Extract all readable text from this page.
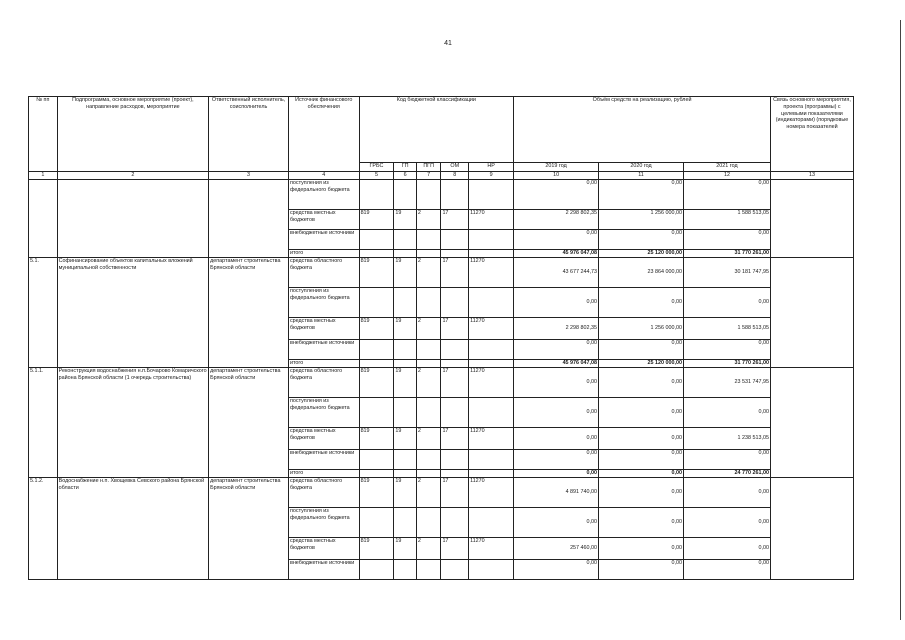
41
№ пп	Подпрограмма, основное мероприятие (проект), направление расходов, мероприятие	Ответственный исполнитель, соисполнитель	Источник финансового обеспечения	Код бюджетной классификации					Объём средств на реализацию, рублей			Связь основного мероприятия, проекта (программы) с целевыми показателями (индикаторами) (порядковые номера показателей
				ГРБС	ГП	ПГП	ОМ	НР	2019 год	2020 год	2021 год	
1	2	3	4	5	6	7	8	9	10	11	12	13
			поступления из федерального бюджета						0,00	0,00	0,00	
			средства местных бюджетов	819	19	2	17	11270	2 298 802,35	1 256 000,00	1 588 513,05	
			внебюджетные источники						0,00	0,00	0,00	
			итого						45 976 047,08	25 120 000,00	31 770 261,00	
5.1.	Софинансирование объектов капитальных вложений муниципальной собственности	департамент строительства Брянской области	средства областного бюджета	819	19	2	17	11270	43 677 244,73	23 864 000,00	30 181 747,95	
			поступления из федерального бюджета						0,00	0,00	0,00	
			средства местных бюджетов	819	19	2	17	11270	2 298 802,35	1 256 000,00	1 588 513,05	
			внебюджетные источники						0,00	0,00	0,00	
			итого						45 976 047,08	25 120 000,00	31 770 261,00	
5.1.1.	Реконструкция водоснабжения н.п.Бочарово Комаричского района Брянской области (1 очередь строительства)	департамент строительства Брянской области	средства областного бюджета	819	19	2	17	11270	0,00	0,00	23 531 747,95	
			поступления из федерального бюджета						0,00	0,00	0,00	
			средства местных бюджетов	819	19	2	17	11270	0,00	0,00	1 238 513,05	
			внебюджетные источники						0,00	0,00	0,00	
			итого						0,00	0,00	24 770 261,00	
5.1.2.	Водоснабжение н.п. Хвощевка Севского района Брянской области	департамент строительства Брянской области	средства областного бюджета	819	19	2	17	11270	4 891 740,00	0,00	0,00	
			поступления из федерального бюджета						0,00	0,00	0,00	
			средства местных бюджетов	819	19	2	17	11270	257 460,00	0,00	0,00	
			внебюджетные источники						0,00	0,00	0,00	
